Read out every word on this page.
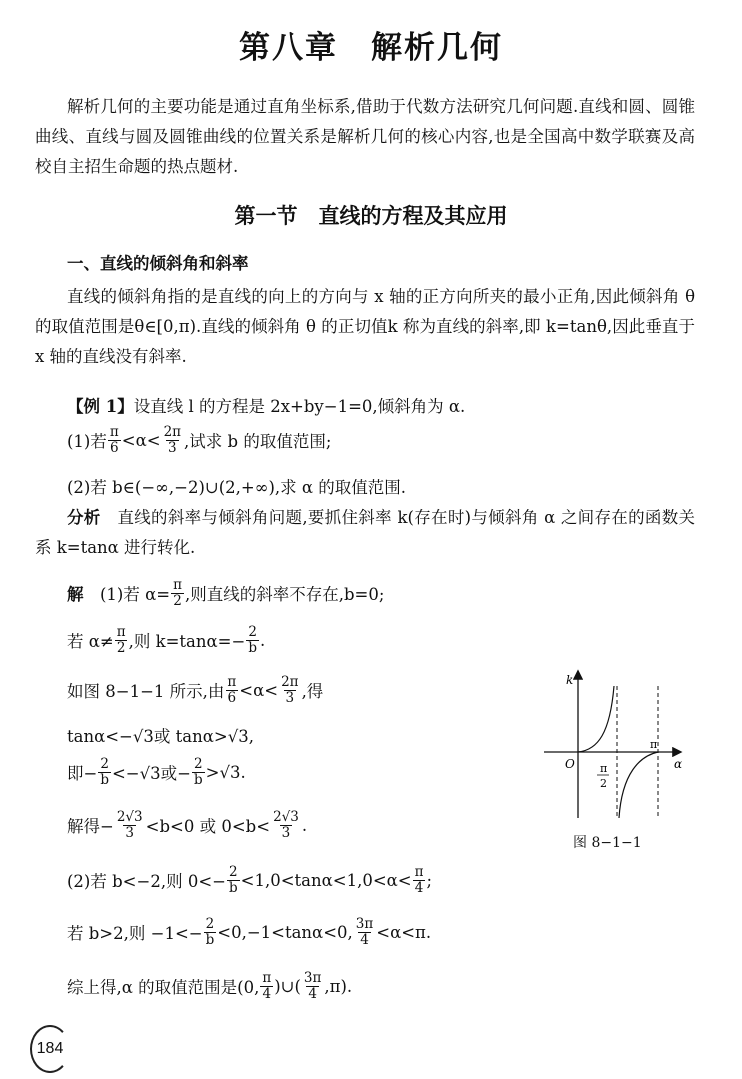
第八章　解析几何
解析几何的主要功能是通过直角坐标系,借助于代数方法研究几何问题.直线和圆、圆锥曲线、直线与圆及圆锥曲线的位置关系是解析几何的核心内容,也是全国高中数学联赛及高校自主招生命题的热点题材.
第一节　直线的方程及其应用
一、直线的倾斜角和斜率
直线的倾斜角指的是直线的向上的方向与 x 轴的正方向所夹的最小正角,因此倾斜角 θ 的取值范围是θ∈[0,π).直线的倾斜角 θ 的正切值k 称为直线的斜率,即 k=tanθ,因此垂直于 x 轴的直线没有斜率.
【例 1】 设直线 l 的方程是 2x+by−1=0,倾斜角为 α.
(1)若 $\frac{\pi}{6} <\alpha< \frac{2\pi}{3}$ ,试求 b 的取值范围;
(2)若 b∈(−∞,−2)∪(2,+∞),求 α 的取值范围.
分析　 直线的斜率与倾斜角问题,要抓住斜率 k(存在时)与倾斜角 α 之间存在的函数关系 k=tanα 进行转化.
解
　 (1)若 $\alpha= \frac{\pi}{2}$ ,则直线的斜率不存在,b=0;
若 $\alpha\ne \frac{\pi}{2}$ ,则 $k=\tan\alpha=- \frac{2}{b}$ .
如图 8−1−1 所示,由 $\frac{\pi}{6} <\alpha< \frac{2\pi}{3}$ ,得
tanα<−√3或 tanα>√3,
即− $\frac{2}{b} <-√3$或− $\frac{2}{b} >√3$.
解得− $\frac{2√3}{3} <b<0$ 或 $0<b< \frac{2√3}{3}$ .
(2)若 b<−2,则 $0<- \frac{2}{b} <1,0<\tan\alpha<1,0<\alpha< \frac{\pi}{4}$ ;
若 b>2,则 $-1<- \frac{2}{b} <0,-1<\tan\alpha<0$, $\frac{3\pi}{4} <\alpha<\pi$.
综上得,α 的取值范围是(0, $\frac{\pi}{4}$ )∪( $\frac{3\pi}{4} ,\pi$).
k
α
O
π
π
2
图 8−1−1
184
